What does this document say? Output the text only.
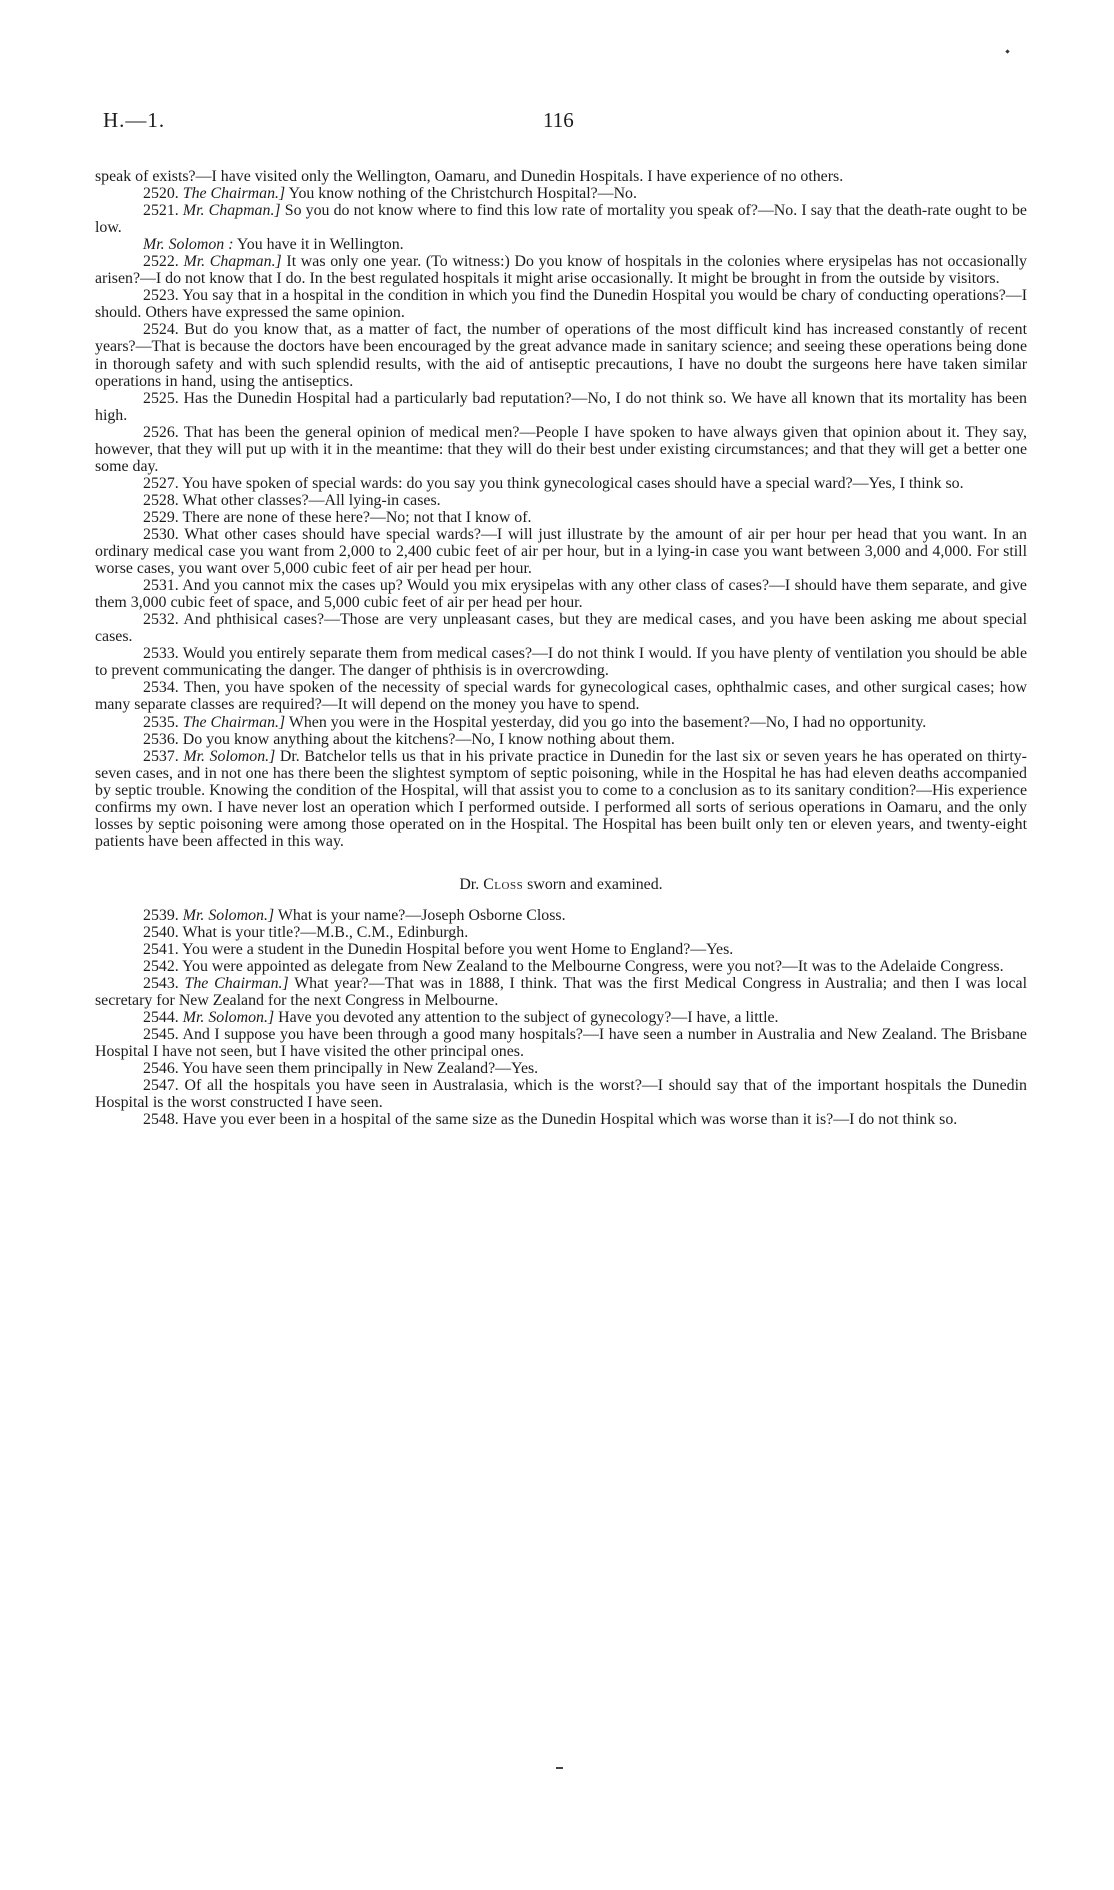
H.—1.	116

speak of exists?—I have visited only the Wellington, Oamaru, and Dunedin Hospitals. I have experience of no others.

2520. The Chairman.] You know nothing of the Christchurch Hospital?—No.

2521. Mr. Chapman.] So you do not know where to find this low rate of mortality you speak of?—No. I say that the death-rate ought to be low.

Mr. Solomon : You have it in Wellington.

2522. Mr. Chapman.] It was only one year. (To witness:) Do you know of hospitals in the colonies where erysipelas has not occasionally arisen?—I do not know that I do. In the best regulated hospitals it might arise occasionally. It might be brought in from the outside by visitors.

2523. You say that in a hospital in the condition in which you find the Dunedin Hospital you would be chary of conducting operations?—I should. Others have expressed the same opinion.

2524. But do you know that, as a matter of fact, the number of operations of the most difficult kind has increased constantly of recent years?—That is because the doctors have been encouraged by the great advance made in sanitary science; and seeing these operations being done in thorough safety and with such splendid results, with the aid of antiseptic precautions, I have no doubt the surgeons here have taken similar operations in hand, using the antiseptics.

2525. Has the Dunedin Hospital had a particularly bad reputation?—No, I do not think so. We have all known that its mortality has been high.

2526. That has been the general opinion of medical men?—People I have spoken to have always given that opinion about it. They say, however, that they will put up with it in the meantime: that they will do their best under existing circumstances; and that they will get a better one some day.

2527. You have spoken of special wards: do you say you think gynecological cases should have a special ward?—Yes, I think so.

2528. What other classes?—All lying-in cases.

2529. There are none of these here?—No; not that I know of.

2530. What other cases should have special wards?—I will just illustrate by the amount of air per hour per head that you want. In an ordinary medical case you want from 2,000 to 2,400 cubic feet of air per hour, but in a lying-in case you want between 3,000 and 4,000. For still worse cases, you want over 5,000 cubic feet of air per head per hour.

2531. And you cannot mix the cases up? Would you mix erysipelas with any other class of cases?—I should have them separate, and give them 3,000 cubic feet of space, and 5,000 cubic feet of air per head per hour.

2532. And phthisical cases?—Those are very unpleasant cases, but they are medical cases, and you have been asking me about special cases.

2533. Would you entirely separate them from medical cases?—I do not think I would. If you have plenty of ventilation you should be able to prevent communicating the danger. The danger of phthisis is in overcrowding.

2534. Then, you have spoken of the necessity of special wards for gynecological cases, ophthalmic cases, and other surgical cases; how many separate classes are required?—It will depend on the money you have to spend.

2535. The Chairman.] When you were in the Hospital yesterday, did you go into the basement?—No, I had no opportunity.

2536. Do you know anything about the kitchens?—No, I know nothing about them.

2537. Mr. Solomon.] Dr. Batchelor tells us that in his private practice in Dunedin for the last six or seven years he has operated on thirty-seven cases, and in not one has there been the slightest symptom of septic poisoning, while in the Hospital he has had eleven deaths accompanied by septic trouble. Knowing the condition of the Hospital, will that assist you to come to a conclusion as to its sanitary condition?—His experience confirms my own. I have never lost an operation which I performed outside. I performed all sorts of serious operations in Oamaru, and the only losses by septic poisoning were among those operated on in the Hospital. The Hospital has been built only ten or eleven years, and twenty-eight patients have been affected in this way.

Dr. Closs sworn and examined.

2539. Mr. Solomon.] What is your name?—Joseph Osborne Closs.

2540. What is your title?—M.B., C.M., Edinburgh.

2541. You were a student in the Dunedin Hospital before you went Home to England?—Yes.

2542. You were appointed as delegate from New Zealand to the Melbourne Congress, were you not?—It was to the Adelaide Congress.

2543. The Chairman.] What year?—That was in 1888, I think. That was the first Medical Congress in Australia; and then I was local secretary for New Zealand for the next Congress in Melbourne.

2544. Mr. Solomon.] Have you devoted any attention to the subject of gynecology?—I have, a little.

2545. And I suppose you have been through a good many hospitals?—I have seen a number in Australia and New Zealand. The Brisbane Hospital I have not seen, but I have visited the other principal ones.

2546. You have seen them principally in New Zealand?—Yes.

2547. Of all the hospitals you have seen in Australasia, which is the worst?—I should say that of the important hospitals the Dunedin Hospital is the worst constructed I have seen.

2548. Have you ever been in a hospital of the same size as the Dunedin Hospital which was worse than it is?—I do not think so.
